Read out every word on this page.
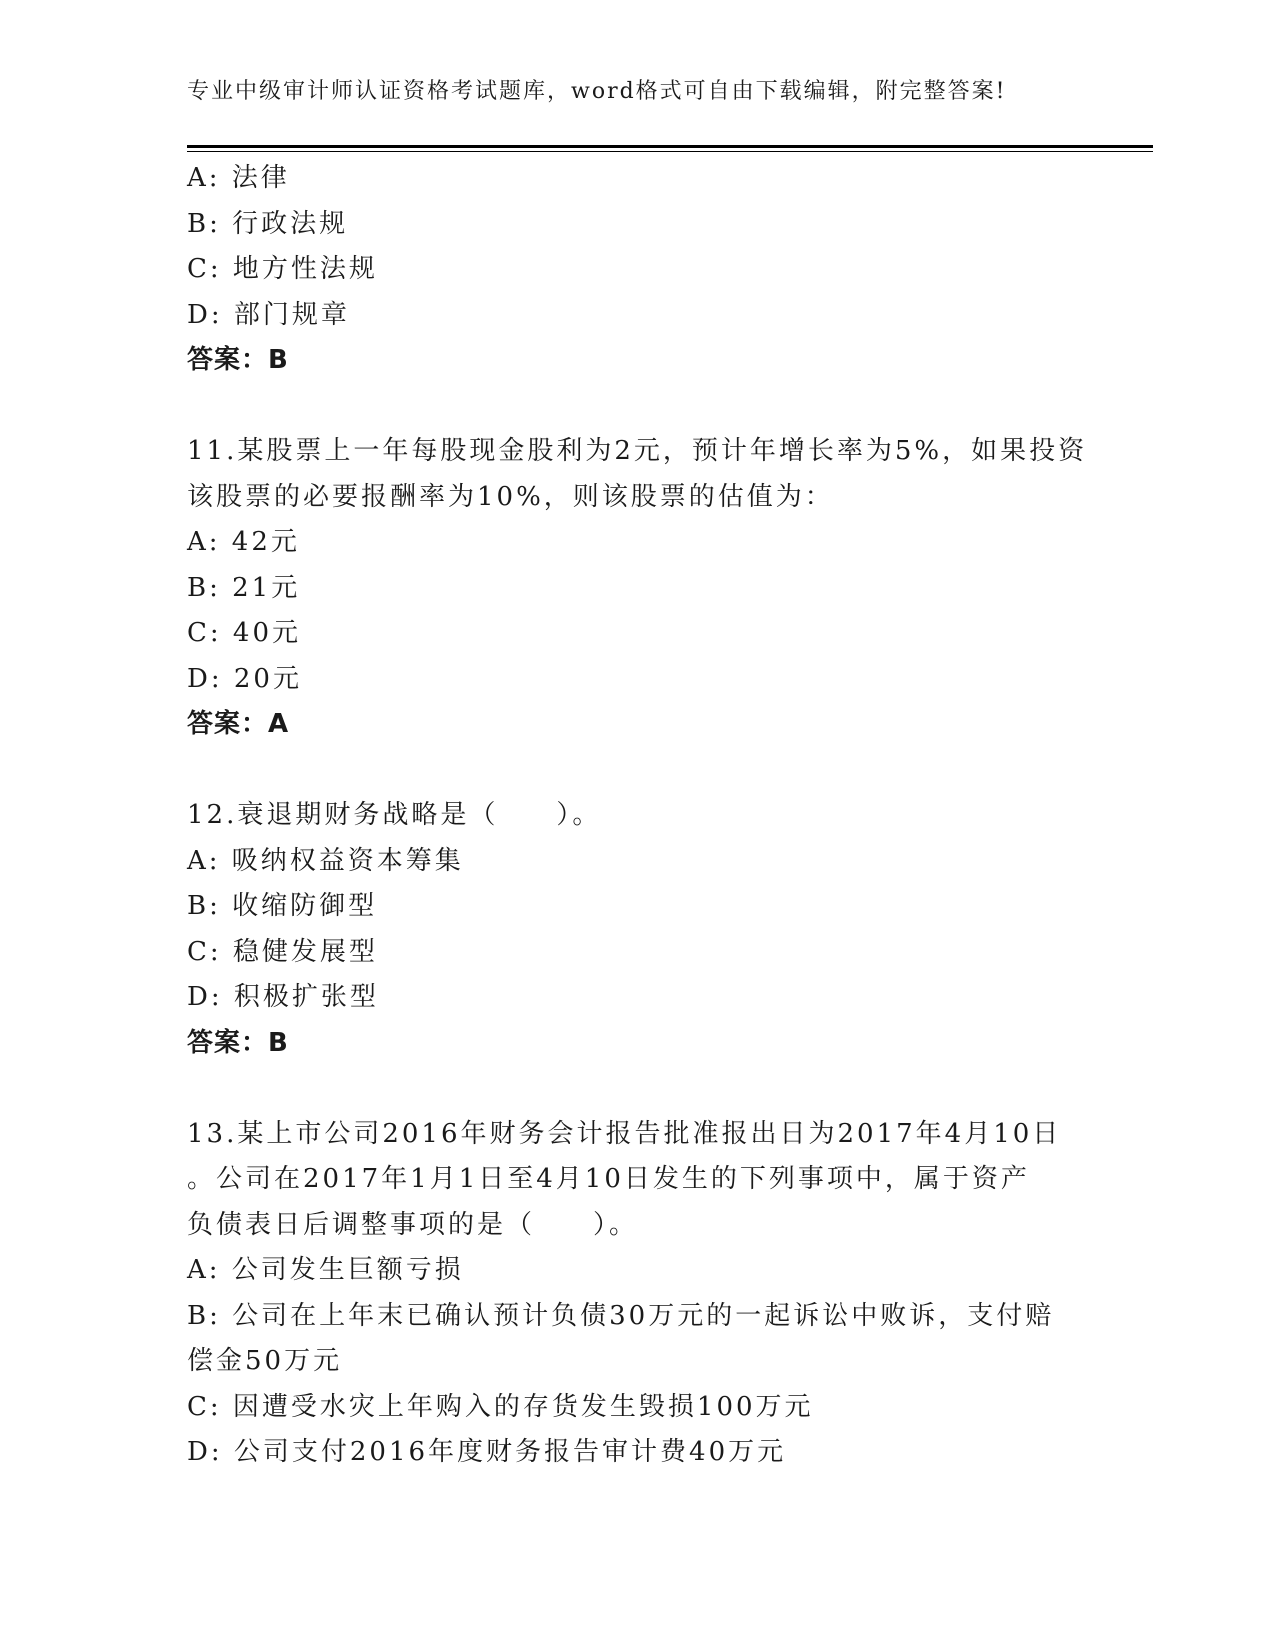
专业中级审计师认证资格考试题库，word格式可自由下载编辑，附完整答案!
A: 法律
B: 行政法规
C: 地方性法规
D: 部门规章
答案：B
11.某股票上一年每股现金股利为2元，预计年增长率为5%，如果投资
该股票的必要报酬率为10%，则该股票的估值为：
A: 42元
B: 21元
C: 40元
D: 20元
答案：A
12.衰退期财务战略是（　　）。
A: 吸纳权益资本筹集
B: 收缩防御型
C: 稳健发展型
D: 积极扩张型
答案：B
13.某上市公司2016年财务会计报告批准报出日为2017年4月10日
。公司在2017年1月1日至4月10日发生的下列事项中，属于资产
负债表日后调整事项的是（　　）。
A: 公司发生巨额亏损
B: 公司在上年末已确认预计负债30万元的一起诉讼中败诉，支付赔
偿金50万元
C: 因遭受水灾上年购入的存货发生毁损100万元
D: 公司支付2016年度财务报告审计费40万元
